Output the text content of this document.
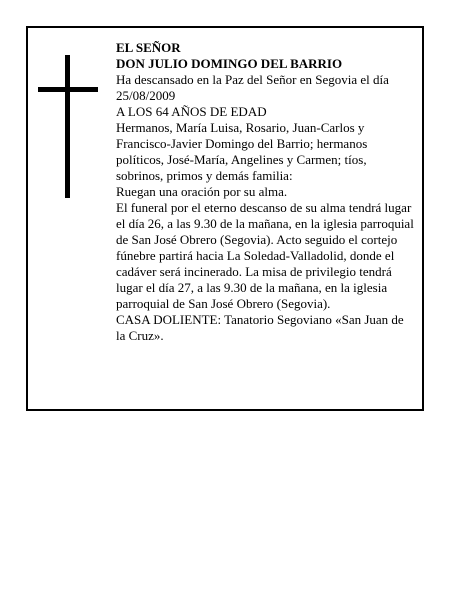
EL SEÑOR

DON JULIO DOMINGO DEL BARRIO

Ha descansado en la Paz del Señor en Segovia el día 25/08/2009

A LOS 64 AÑOS DE EDAD

Hermanos, María Luisa, Rosario, Juan-Carlos y Francisco-Javier Domingo del Barrio; hermanos políticos, José-María, Angelines y Carmen; tíos, sobrinos, primos y demás familia:

Ruegan una oración por su alma.

El funeral por el eterno descanso de su alma tendrá lugar el día 26, a las 9.30 de la mañana, en la iglesia parroquial de San José Obrero (Segovia). Acto seguido el cortejo fúnebre partirá hacia La Soledad-Valladolid, donde el cadáver será incinerado. La misa de privilegio tendrá lugar el día 27, a las 9.30 de la mañana, en la iglesia parroquial de San José Obrero (Segovia).

CASA DOLIENTE: Tanatorio Segoviano «San Juan de la Cruz».
